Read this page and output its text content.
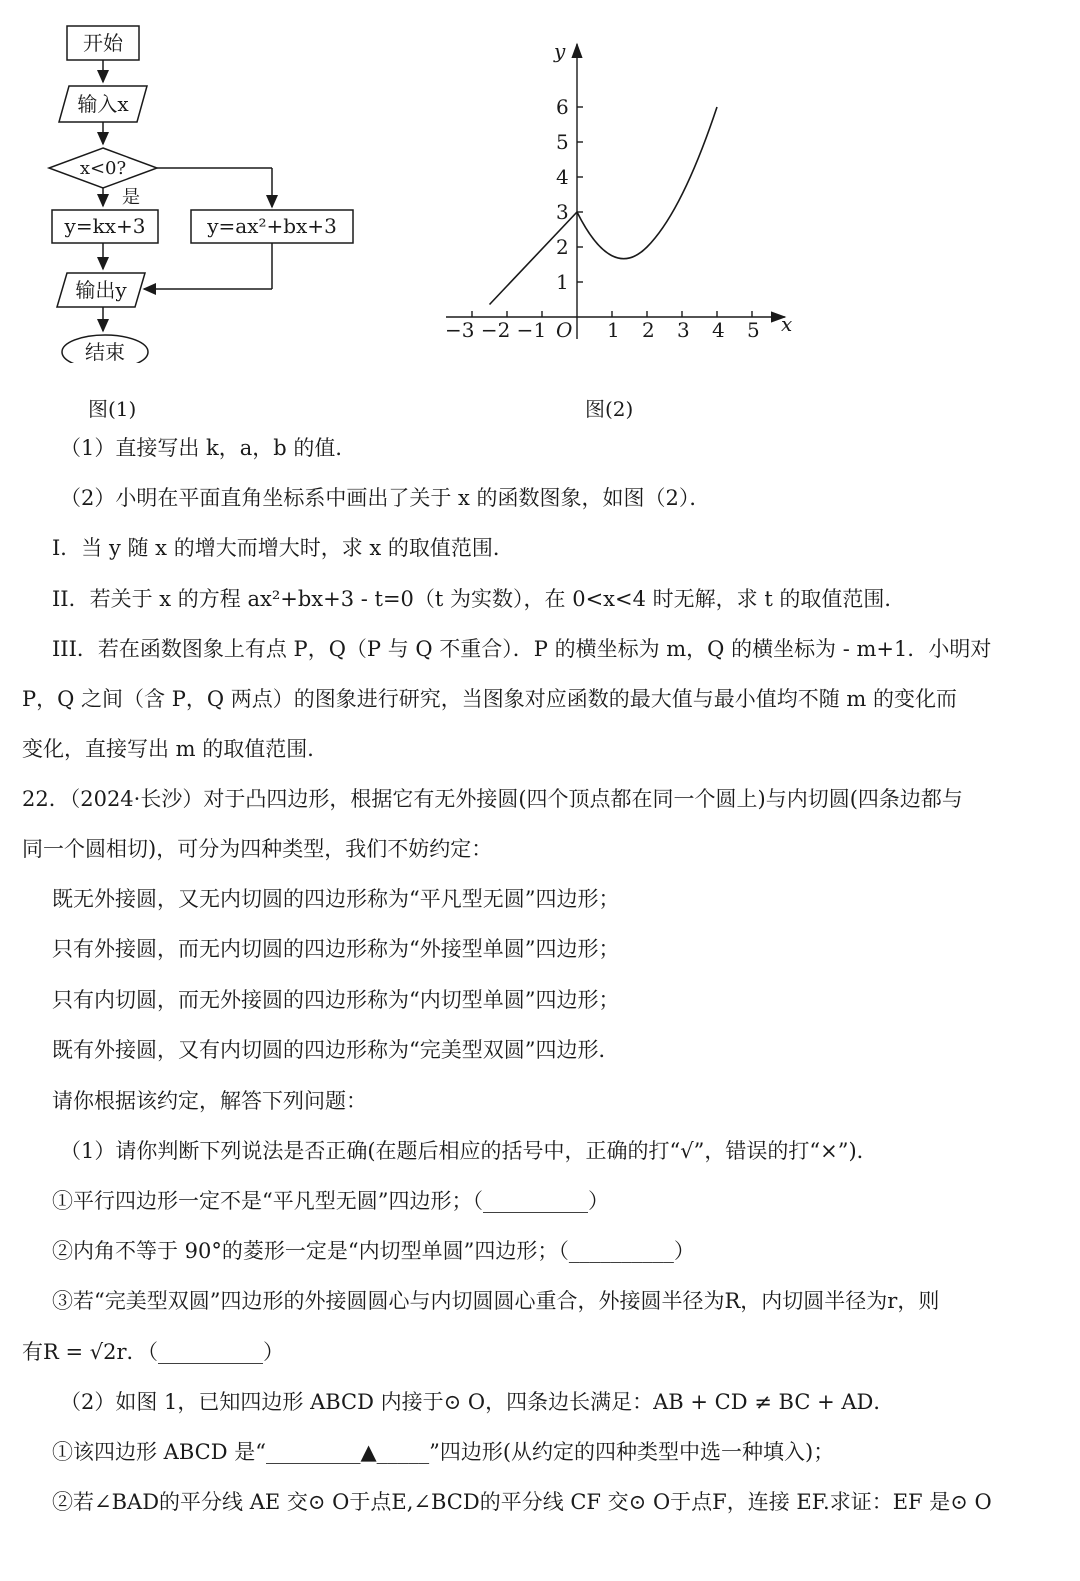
开始
输入x
x<0?
是
y=kx+3	y=ax²+bx+3
输出y
结束
图(1)
y
x
O
1
2
3
4
5
6
1 2 3 4 5
−3 −2 −1
图(2)
（1）直接写出 k，a，b 的值．
（2）小明在平面直角坐标系中画出了关于 x 的函数图象，如图（2）．
I．当 y 随 x 的增大而增大时，求 x 的取值范围．
II．若关于 x 的方程 ax²+bx+3 - t=0（t 为实数），在 0<x<4 时无解，求 t 的取值范围．
III．若在函数图象上有点 P，Q（P 与 Q 不重合）．P 的横坐标为 m，Q 的横坐标为 - m+1．小明对
P，Q 之间（含 P，Q 两点）的图象进行研究，当图象对应函数的最大值与最小值均不随 m 的变化而
变化，直接写出 m 的取值范围．
22．（2024·长沙）对于凸四边形，根据它有无外接圆(四个顶点都在同一个圆上)与内切圆(四条边都与
同一个圆相切)，可分为四种类型，我们不妨约定：
既无外接圆，又无内切圆的四边形称为“平凡型无圆”四边形；
只有外接圆，而无内切圆的四边形称为“外接型单圆”四边形；
只有内切圆，而无外接圆的四边形称为“内切型单圆”四边形；
既有外接圆，又有内切圆的四边形称为“完美型双圆”四边形．
请你根据该约定，解答下列问题：
（1）请你判断下列说法是否正确(在题后相应的括号中，正确的打“√”，错误的打“×”)．
①平行四边形一定不是“平凡型无圆”四边形；（__________）
②内角不等于 90°的菱形一定是“内切型单圆”四边形；（__________）
③若“完美型双圆”四边形的外接圆圆心与内切圆圆心重合，外接圆半径为R，内切圆半径为r，则
有R = √2r．（__________）
（2）如图 1，已知四边形 ABCD 内接于⊙ O，四条边长满足：AB + CD ≠ BC + AD．
①该四边形 ABCD 是“_________▲_____”四边形(从约定的四种类型中选一种填入)；
②若∠BAD的平分线 AE 交⊙ O于点E,∠BCD的平分线 CF 交⊙ O于点F，连接 EF.求证：EF 是⊙ O
